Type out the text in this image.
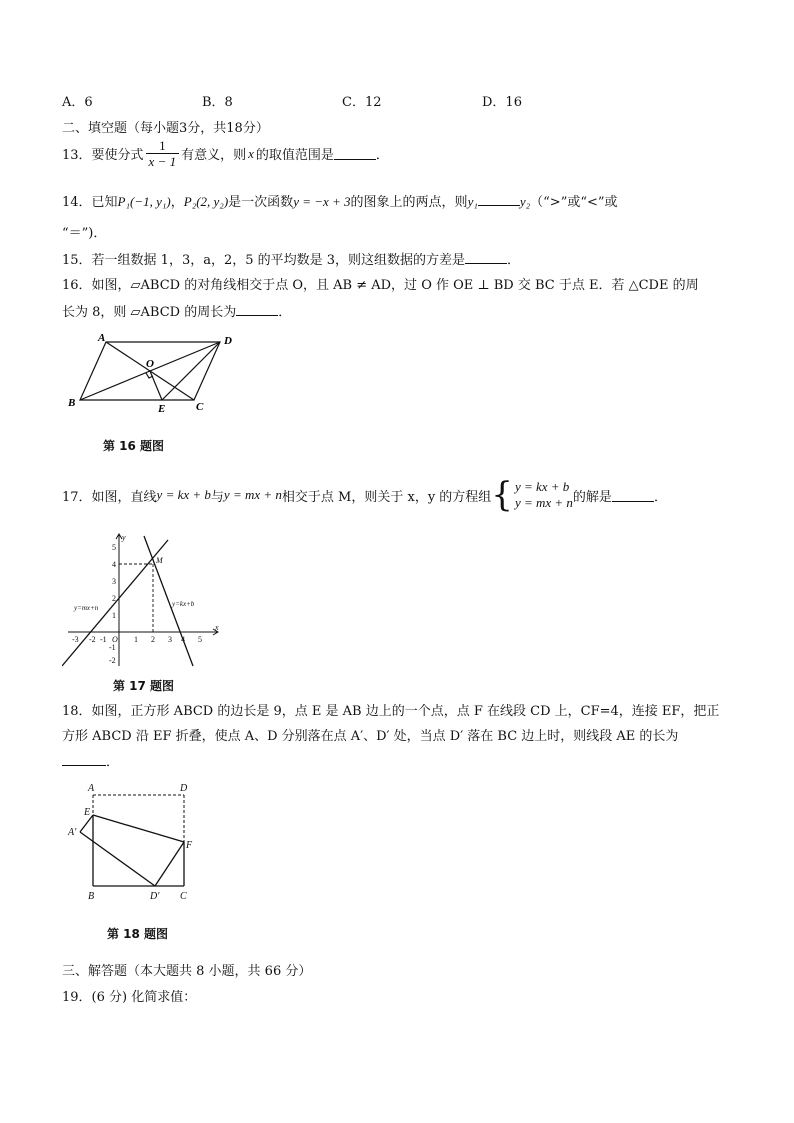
A．6	B．8	C．12	D．16
二、填空题（每小题3分，共18分）
13．要使分式 $\frac{1}{x - 1}$ 有意义，则 x 的取值范围是	．
14．已知 P₁(−1, y₁) ， P₂(2, y₂) 是一次函数 y = −x + 3 的图象上的两点，则 y₁	y₂ （“>”或“<”或
“＝”)．
15．若一组数据 1，3，a，2，5 的平均数是 3，则这组数据的方差是	．
16．如图，▱ABCD 的对角线相交于点 O，且 AB ≠ AD，过 O 作 OE ⊥ BD 交 BC 于点 E．若 △CDE 的周
长为 8，则 ▱ABCD 的周长为	．
A	D
O
B	E	C
第 16 题图
17．如图，直线 y = kx + b 与 y = mx + n 相交于点 M，则关于 x，y 的方程组 { y = kx + b
y = mx + n 的解是	．
-3 -2 -1	1 2 3 4 5
5
4
3
2
1
-1
-2
O
x
y
M
y=mx+n	y=kx+b
第 17 题图
18．如图，正方形 ABCD 的边长是 9，点 E 是 AB 边上的一个点，点 F 在线段 CD 上，CF=4，连接 EF，把正
方形 ABCD 沿 EF 折叠，使点 A、D 分别落在点 A′、D′ 处，当点 D′ 落在 BC 边上时，则线段 AE 的长为
．
A	D
E
A′
F
B	D′ C
第 18 题图
三、解答题（本大题共 8 小题，共 66 分）
19．(6 分) 化简求值：
